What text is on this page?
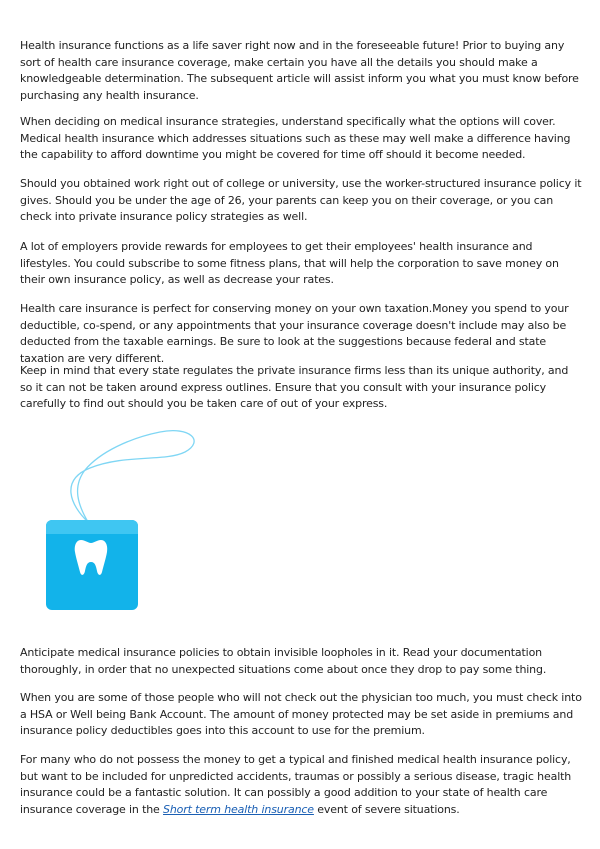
Health insurance functions as a life saver right now and in the foreseeable future! Prior to buying any sort of health care insurance coverage, make certain you have all the details you should make a knowledgeable determination. The subsequent article will assist inform you what you must know before purchasing any health insurance.

When deciding on medical insurance strategies, understand specifically what the options will cover. Medical health insurance which addresses situations such as these may well make a difference having the capability to afford downtime you might be covered for time off should it become needed.

Should you obtained work right out of college or university, use the worker-structured insurance policy it gives. Should you be under the age of 26, your parents can keep you on their coverage, or you can check into private insurance policy strategies as well.

A lot of employers provide rewards for employees to get their employees' health insurance and lifestyles. You could subscribe to some fitness plans, that will help the corporation to save money on their own insurance policy, as well as decrease your rates.

Health care insurance is perfect for conserving money on your own taxation.Money you spend to your deductible, co-spend, or any appointments that your insurance coverage doesn't include may also be deducted from the taxable earnings. Be sure to look at the suggestions because federal and state taxation are very different.

Keep in mind that every state regulates the private insurance firms less than its unique authority, and so it can not be taken around express outlines. Ensure that you consult with your insurance policy carefully to find out should you be taken care of out of your express.

Anticipate medical insurance policies to obtain invisible loopholes in it. Read your documentation thoroughly, in order that no unexpected situations come about once they drop to pay some thing.

When you are some of those people who will not check out the physician too much, you must check into a HSA or Well being Bank Account. The amount of money protected may be set aside in premiums and insurance policy deductibles goes into this account to use for the premium.

For many who do not possess the money to get a typical and finished medical health insurance policy, but want to be included for unpredicted accidents, traumas or possibly a serious disease, tragic health insurance could be a fantastic solution. It can possibly a good addition to your state of health care insurance coverage in the Short term health insurance event of severe situations.
